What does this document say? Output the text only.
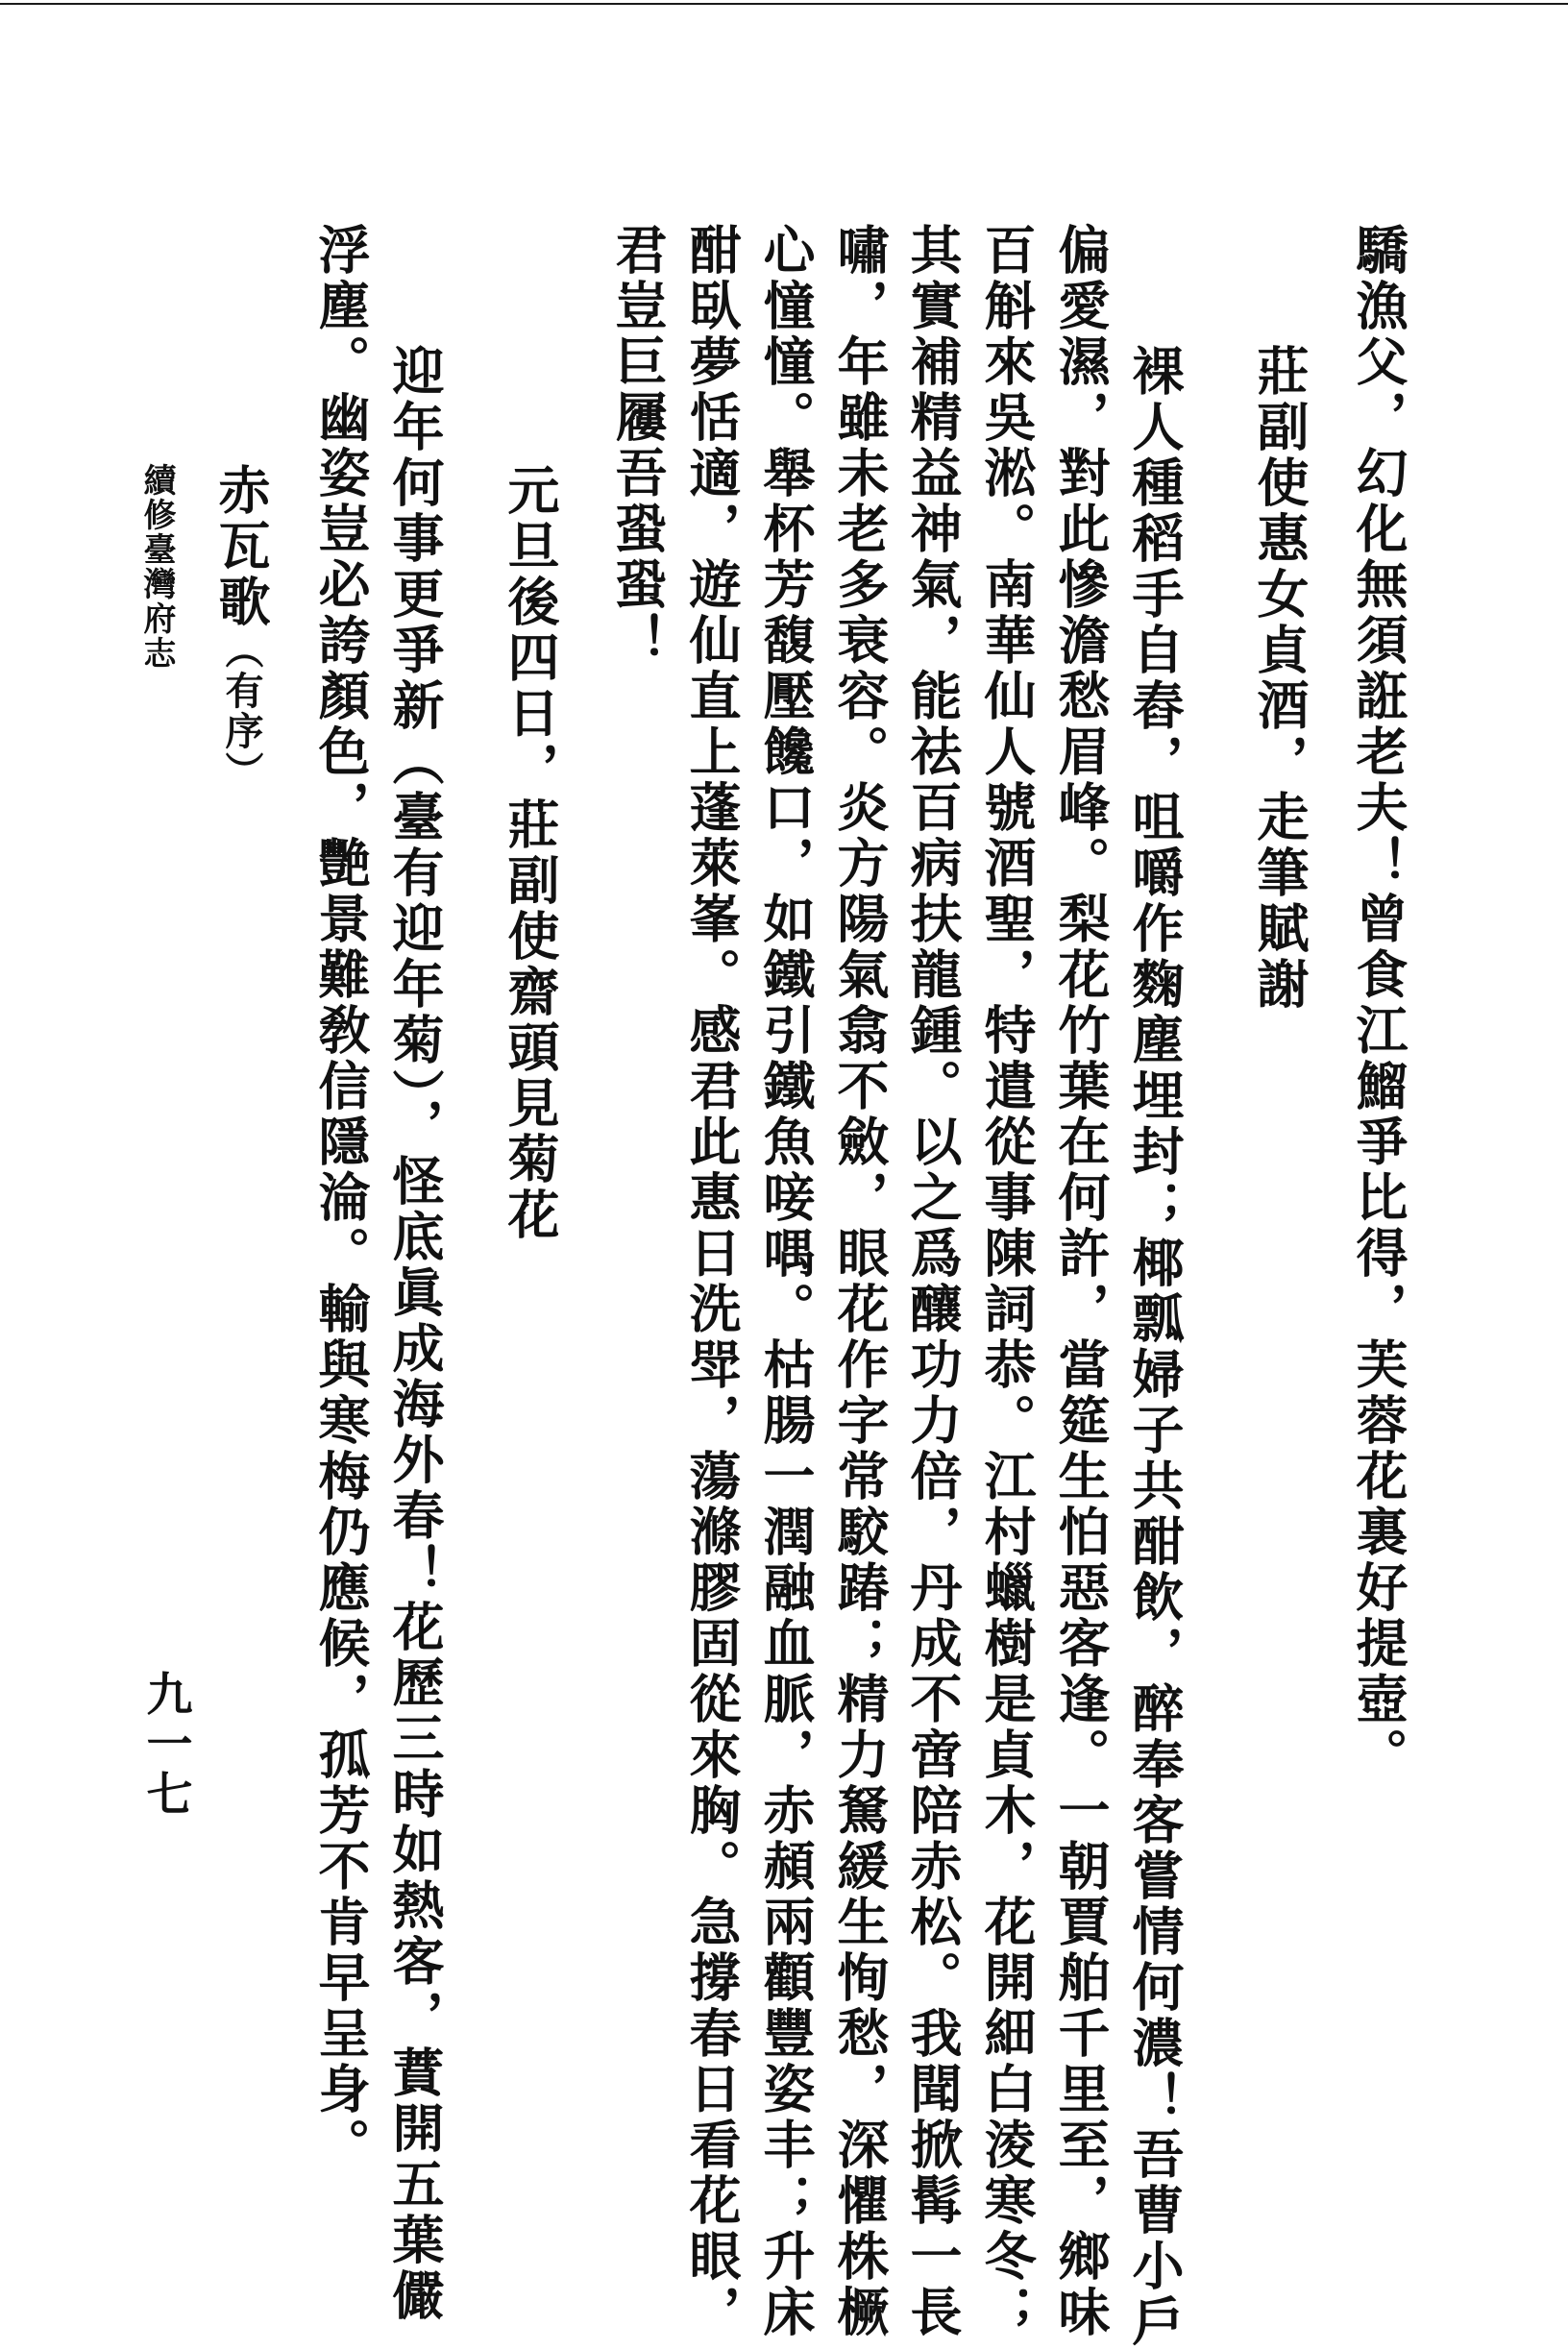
驕漁父，幻化無須誑老夫！曾食江鰡爭比得，芙蓉花裏好提壺。
莊副使惠女貞酒，走筆賦謝
裸人種稻手自舂，咀嚼作麴塵埋封；椰瓢婦子共酣飲，醉奉客嘗情何濃！吾曹小戶
偏愛濕，對此慘澹愁眉峰。梨花竹葉在何許，當筵生怕惡客逢。一朝賈舶千里至，鄉味
百斛來吳淞。南華仙人號酒聖，特遣從事陳詞恭。江村蠟樹是貞木，花開細白淩寒冬；
其實補精益神氣，能祛百病扶龍鍾。以之爲釀功力倍，丹成不啻陪赤松。我聞掀髯一長
嘯，年雖未老多衰容。炎方陽氣翕不斂，眼花作字常駮踳；精力駑緩生恂愁，深懼株橛
心憧憧。舉杯芳馥壓饞口，如鐵引鐵魚唼喁。枯腸一潤融血脈，赤頳兩顴豐姿丰；升床
酣臥夢恬適，遊仙直上蓬萊峯。感君此惠日洗斝，蕩滌膠固從來胸。急撐春日看花眼，
君豈巨屨吾蛩蛩！
元旦後四日，莊副使齋頭見菊花
迎年何事更爭新（臺有迎年菊），怪底眞成海外春！花歷三時如熱客，蕡開五葉儼
浮塵。幽姿豈必誇顏色，艷景難敎信隱淪。輸與寒梅仍應候，孤芳不肯早呈身。
赤瓦歌（有序）
續修臺灣府志
九一七
